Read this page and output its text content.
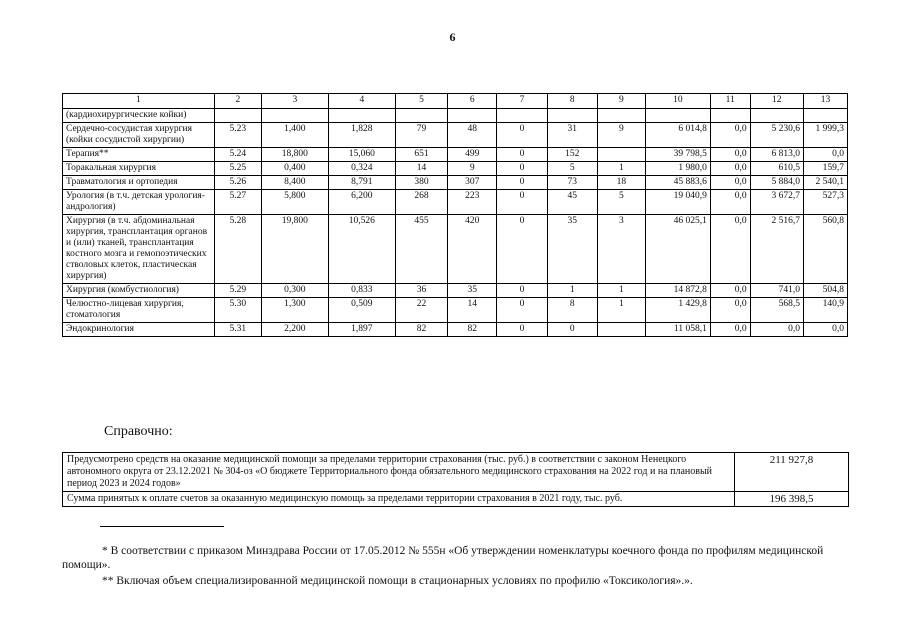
6
1	2	3	4	5	6	7	8	9	10	11	12	13
(кардиохирургические койки)												
Сердечно-сосудистая хирургия (койки сосудистой хирургии)	5.23	1,400	1,828	79	48	0	31	9	6 014,8	0,0	5 230,6	1 999,3
Терапия**	5.24	18,800	15,060	651	499	0	152		39 798,5	0,0	6 813,0	0,0
Торакальная хирургия	5.25	0,400	0,324	14	9	0	5	1	1 980,0	0,0	610,5	159,7
Травматология и ортопедия	5.26	8,400	8,791	380	307	0	73	18	45 883,6	0,0	5 884,0	2 540,1
Урология (в т.ч. детская урология-андрология)	5.27	5,800	6,200	268	223	0	45	5	19 040,9	0,0	3 672,7	527,3
Хирургия (в т.ч. абдоминальная хирургия, трансплантация органов и (или) тканей, трансплантация костного мозга и гемопоэтических стволовых клеток, пластическая хирургия)	5.28	19,800	10,526	455	420	0	35	3	46 025,1	0,0	2 516,7	560,8
Хирургия (комбустиология)	5.29	0,300	0,833	36	35	0	1	1	14 872,8	0,0	741,0	504,8
Челюстно-лицевая хирургия, стоматология	5.30	1,300	0,509	22	14	0	8	1	1 429,8	0,0	568,5	140,9
Эндокринология	5.31	2,200	1,897	82	82	0	0		11 058,1	0,0	0,0	0,0
Справочно:
Предусмотрено средств на оказание медицинской помощи за пределами территории страхования (тыс. руб.) в соответствии с законом Ненецкого автономного округа от 23.12.2021 № 304-оз «О бюджете Территориального фонда обязательного медицинского страхования на 2022 год и на плановый период 2023 и 2024 годов»	211 927,8
Сумма принятых к оплате счетов за оказанную медицинскую помощь за пределами территории страхования в 2021 году, тыс. руб.	196 398,5
* В соответствии с приказом Минздрава России от 17.05.2012 № 555н «Об утверждении номенклатуры коечного фонда по профилям медицинской помощи».
** Включая объем специализированной медицинской помощи в стационарных условиях по профилю «Токсикология».».
